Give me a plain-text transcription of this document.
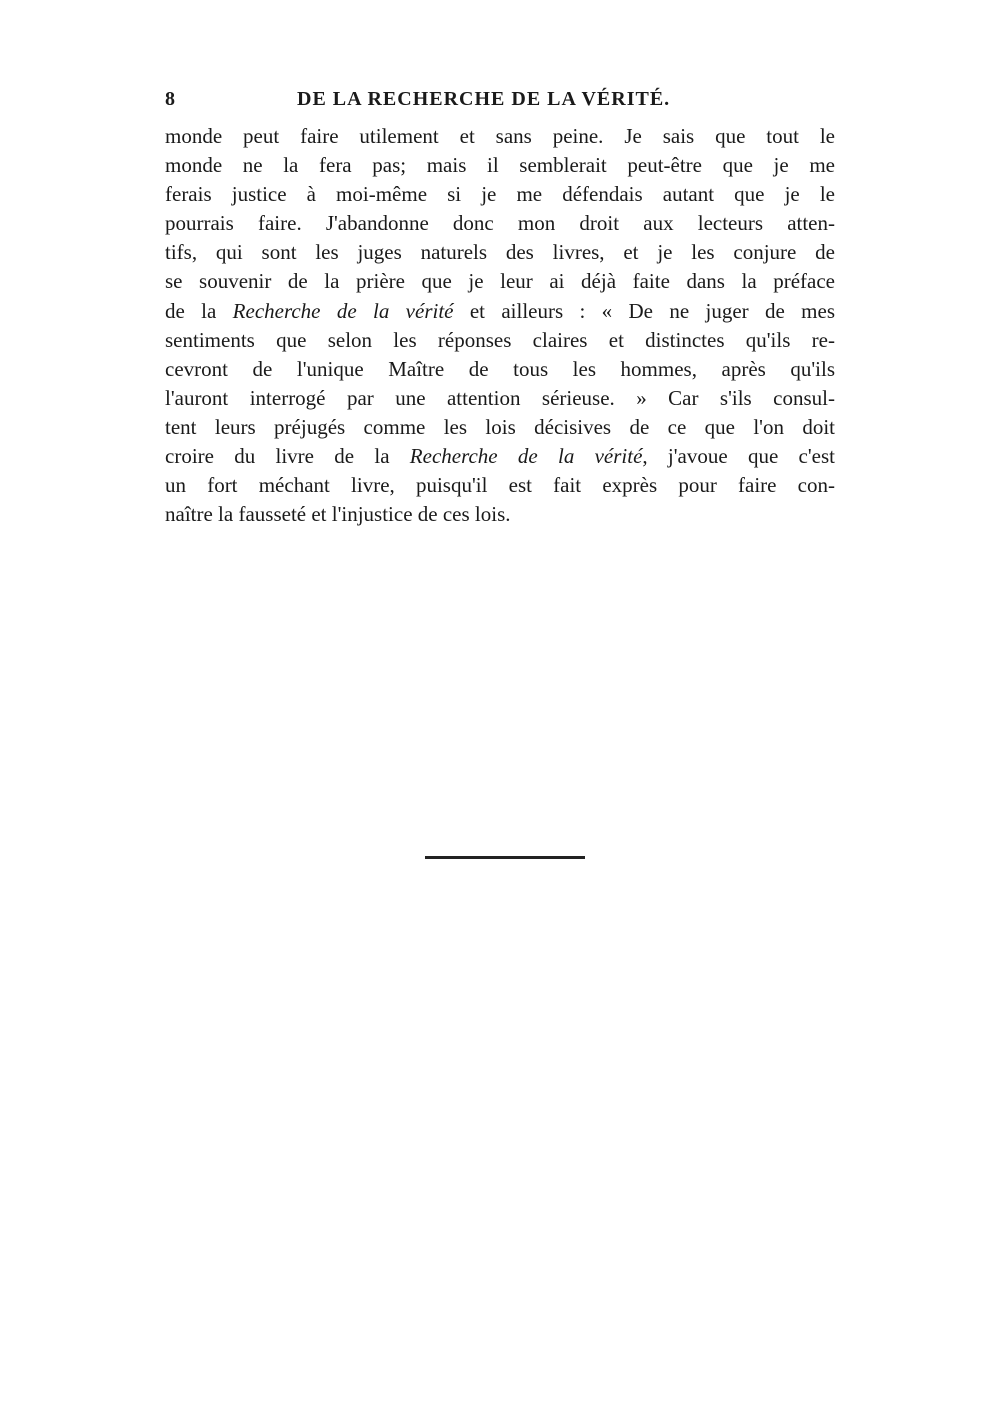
8	DE LA RECHERCHE DE LA VÉRITÉ.
monde peut faire utilement et sans peine. Je sais que tout le
monde ne la fera pas; mais il semblerait peut-être que je me
ferais justice à moi-même si je me défendais autant que je le
pourrais faire. J'abandonne donc mon droit aux lecteurs atten-
tifs, qui sont les juges naturels des livres, et je les conjure de
se souvenir de la prière que je leur ai déjà faite dans la préface
de la Recherche de la vérité et ailleurs : « De ne juger de mes
sentiments que selon les réponses claires et distinctes qu'ils re-
cevront de l'unique Maître de tous les hommes, après qu'ils
l'auront interrogé par une attention sérieuse. » Car s'ils consul-
tent leurs préjugés comme les lois décisives de ce que l'on doit
croire du livre de la Recherche de la vérité, j'avoue que c'est
un fort méchant livre, puisqu'il est fait exprès pour faire con-
naître la fausseté et l'injustice de ces lois.
